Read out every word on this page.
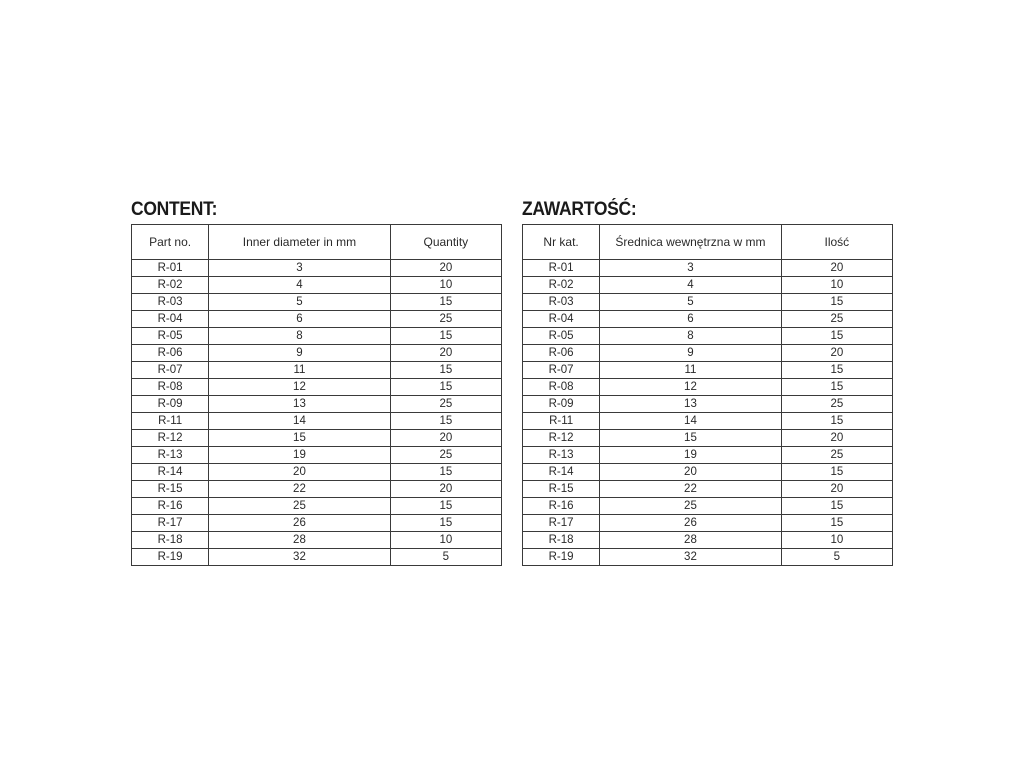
CONTENT:
Part no.	Inner diameter in mm	Quantity
R-01	3	20
R-02	4	10
R-03	5	15
R-04	6	25
R-05	8	15
R-06	9	20
R-07	11	15
R-08	12	15
R-09	13	25
R-11	14	15
R-12	15	20
R-13	19	25
R-14	20	15
R-15	22	20
R-16	25	15
R-17	26	15
R-18	28	10
R-19	32	5
ZAWARTOŚĆ:
Nr kat.	Średnica wewnętrzna w mm	Ilość
R-01	3	20
R-02	4	10
R-03	5	15
R-04	6	25
R-05	8	15
R-06	9	20
R-07	11	15
R-08	12	15
R-09	13	25
R-11	14	15
R-12	15	20
R-13	19	25
R-14	20	15
R-15	22	20
R-16	25	15
R-17	26	15
R-18	28	10
R-19	32	5
